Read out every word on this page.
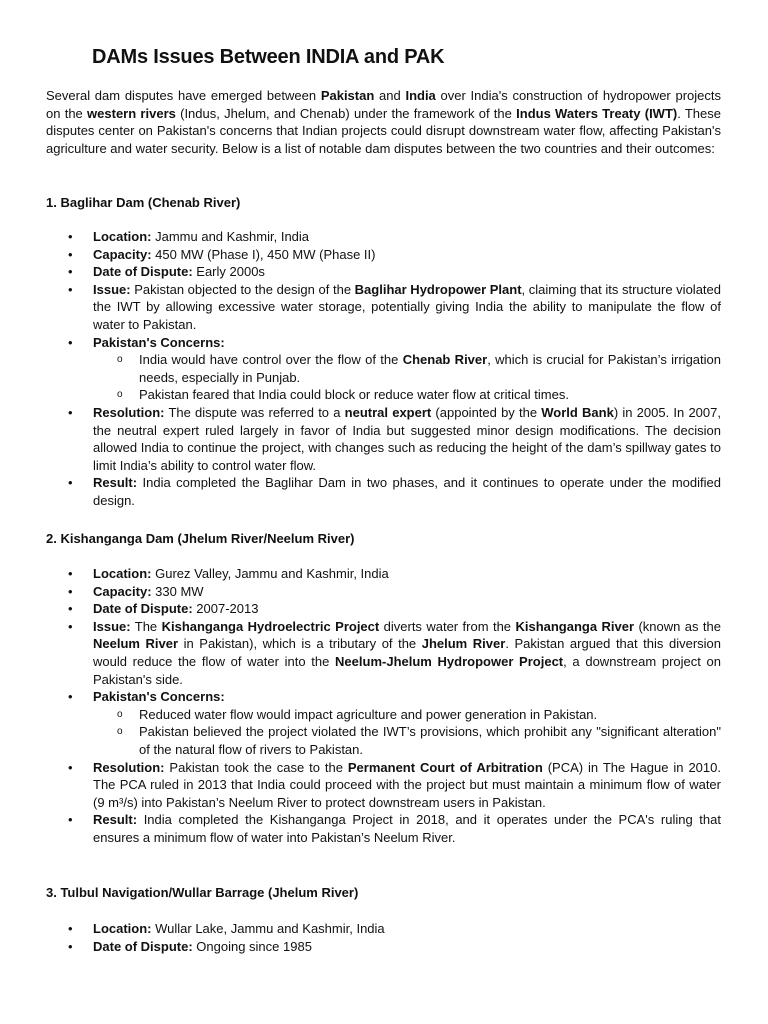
DAMs Issues Between INDIA and PAK

Several dam disputes have emerged between Pakistan and India over India's construction of hydropower projects on the western rivers (Indus, Jhelum, and Chenab) under the framework of the Indus Waters Treaty (IWT). These disputes center on Pakistan's concerns that Indian projects could disrupt downstream water flow, affecting Pakistan's agriculture and water security. Below is a list of notable dam disputes between the two countries and their outcomes:

1. Baglihar Dam (Chenab River)

• Location: Jammu and Kashmir, India
• Capacity: 450 MW (Phase I), 450 MW (Phase II)
• Date of Dispute: Early 2000s
• Issue: Pakistan objected to the design of the Baglihar Hydropower Plant, claiming that its structure violated the IWT by allowing excessive water storage, potentially giving India the ability to manipulate the flow of water to Pakistan.
• Pakistan's Concerns:
o India would have control over the flow of the Chenab River, which is crucial for Pakistan’s irrigation needs, especially in Punjab.
o Pakistan feared that India could block or reduce water flow at critical times.
• Resolution: The dispute was referred to a neutral expert (appointed by the World Bank) in 2005. In 2007, the neutral expert ruled largely in favor of India but suggested minor design modifications. The decision allowed India to continue the project, with changes such as reducing the height of the dam’s spillway gates to limit India’s ability to control water flow.
• Result: India completed the Baglihar Dam in two phases, and it continues to operate under the modified design.

2. Kishanganga Dam (Jhelum River/Neelum River)

• Location: Gurez Valley, Jammu and Kashmir, India
• Capacity: 330 MW
• Date of Dispute: 2007-2013
• Issue: The Kishanganga Hydroelectric Project diverts water from the Kishanganga River (known as the Neelum River in Pakistan), which is a tributary of the Jhelum River. Pakistan argued that this diversion would reduce the flow of water into the Neelum-Jhelum Hydropower Project, a downstream project on Pakistan's side.
• Pakistan's Concerns:
o Reduced water flow would impact agriculture and power generation in Pakistan.
o Pakistan believed the project violated the IWT’s provisions, which prohibit any "significant alteration" of the natural flow of rivers to Pakistan.
• Resolution: Pakistan took the case to the Permanent Court of Arbitration (PCA) in The Hague in 2010. The PCA ruled in 2013 that India could proceed with the project but must maintain a minimum flow of water (9 m³/s) into Pakistan’s Neelum River to protect downstream users in Pakistan.
• Result: India completed the Kishanganga Project in 2018, and it operates under the PCA's ruling that ensures a minimum flow of water into Pakistan’s Neelum River.

3. Tulbul Navigation/Wullar Barrage (Jhelum River)

• Location: Wullar Lake, Jammu and Kashmir, India
• Date of Dispute: Ongoing since 1985
